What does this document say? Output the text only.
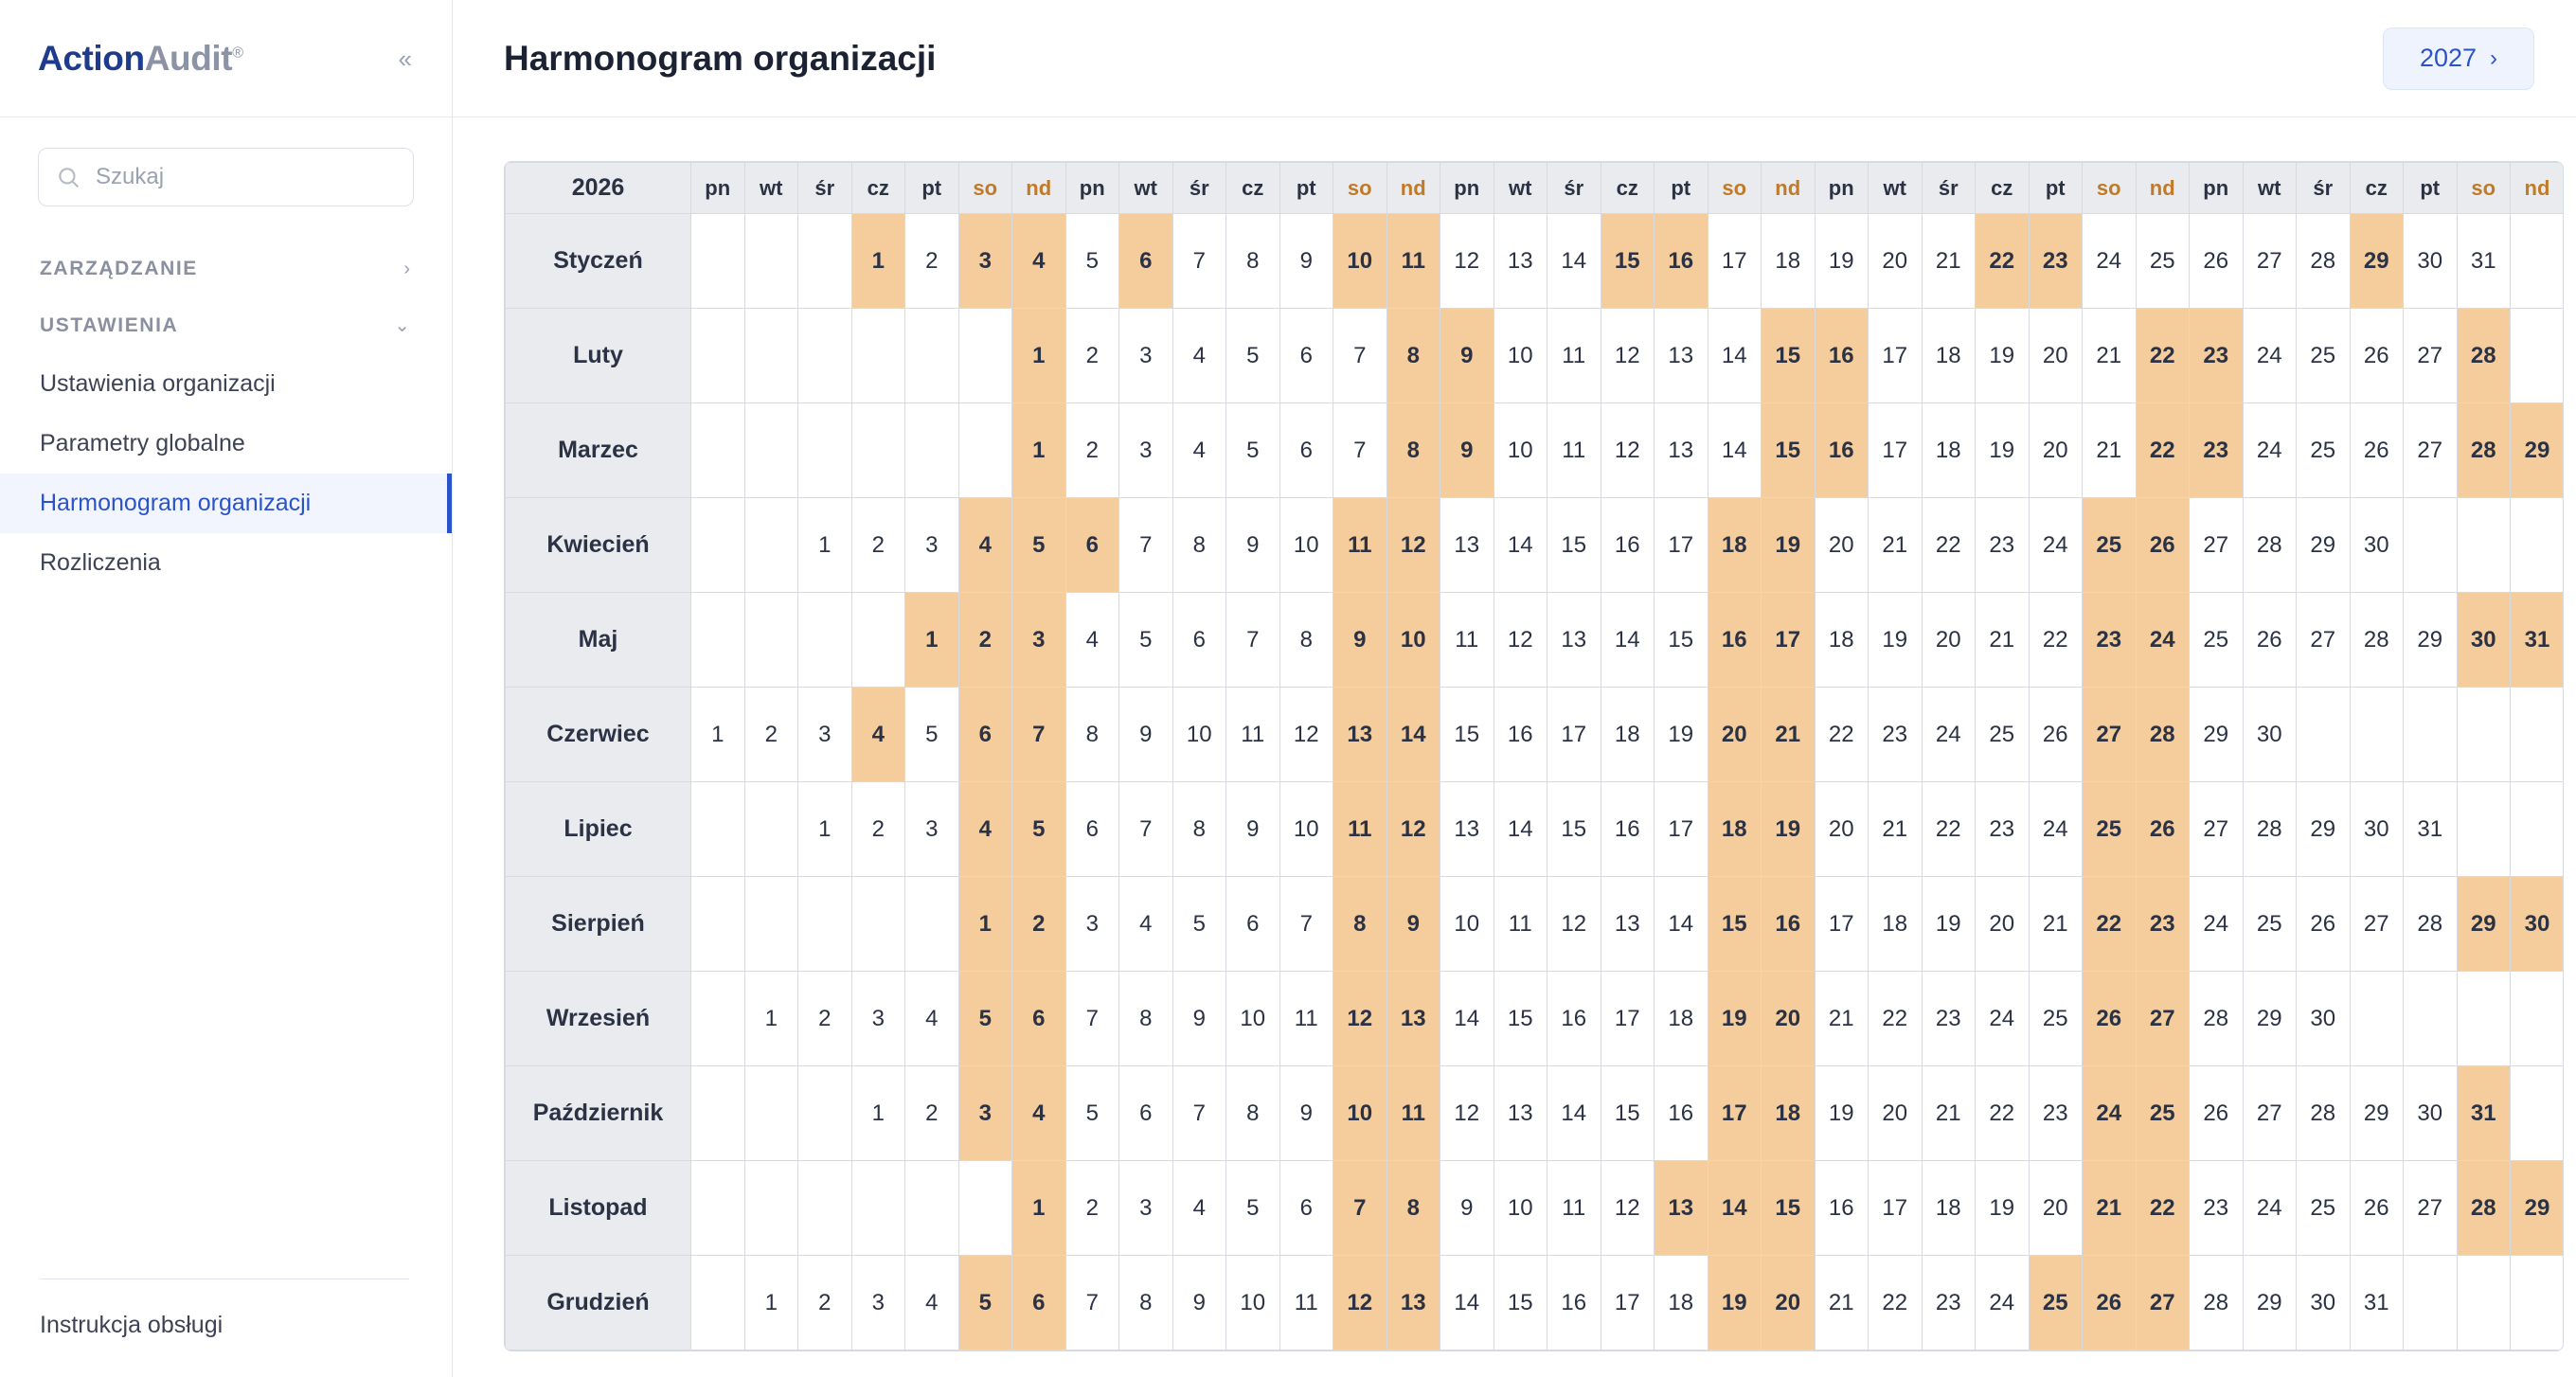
ActionAudit®	«
Szukaj
ZARZĄDZANIE	›
USTAWIENIA	⌄
Ustawienia organizacji
Parametry globalne
Harmonogram organizacji
Rozliczenia
Instrukcja obsługi
Harmonogram organizacji	2027 ›
2026	pn	wt	śr	cz	pt	so	nd	pn	wt	śr	cz	pt	so	nd	pn	wt	śr	cz	pt	so	nd	pn	wt	śr	cz	pt	so	nd	pn	wt	śr	cz	pt	so	nd
Styczeń				1	2	3	4	5	6	7	8	9	10	11	12	13	14	15	16	17	18	19	20	21	22	23	24	25	26	27	28	29	30	31	
Luty							1	2	3	4	5	6	7	8	9	10	11	12	13	14	15	16	17	18	19	20	21	22	23	24	25	26	27	28	
Marzec							1	2	3	4	5	6	7	8	9	10	11	12	13	14	15	16	17	18	19	20	21	22	23	24	25	26	27	28	29
Kwiecień			1	2	3	4	5	6	7	8	9	10	11	12	13	14	15	16	17	18	19	20	21	22	23	24	25	26	27	28	29	30			
Maj					1	2	3	4	5	6	7	8	9	10	11	12	13	14	15	16	17	18	19	20	21	22	23	24	25	26	27	28	29	30	31
Czerwiec	1	2	3	4	5	6	7	8	9	10	11	12	13	14	15	16	17	18	19	20	21	22	23	24	25	26	27	28	29	30					
Lipiec			1	2	3	4	5	6	7	8	9	10	11	12	13	14	15	16	17	18	19	20	21	22	23	24	25	26	27	28	29	30	31		
Sierpień						1	2	3	4	5	6	7	8	9	10	11	12	13	14	15	16	17	18	19	20	21	22	23	24	25	26	27	28	29	30
Wrzesień		1	2	3	4	5	6	7	8	9	10	11	12	13	14	15	16	17	18	19	20	21	22	23	24	25	26	27	28	29	30				
Październik				1	2	3	4	5	6	7	8	9	10	11	12	13	14	15	16	17	18	19	20	21	22	23	24	25	26	27	28	29	30	31	
Listopad							1	2	3	4	5	6	7	8	9	10	11	12	13	14	15	16	17	18	19	20	21	22	23	24	25	26	27	28	29
Grudzień		1	2	3	4	5	6	7	8	9	10	11	12	13	14	15	16	17	18	19	20	21	22	23	24	25	26	27	28	29	30	31			
